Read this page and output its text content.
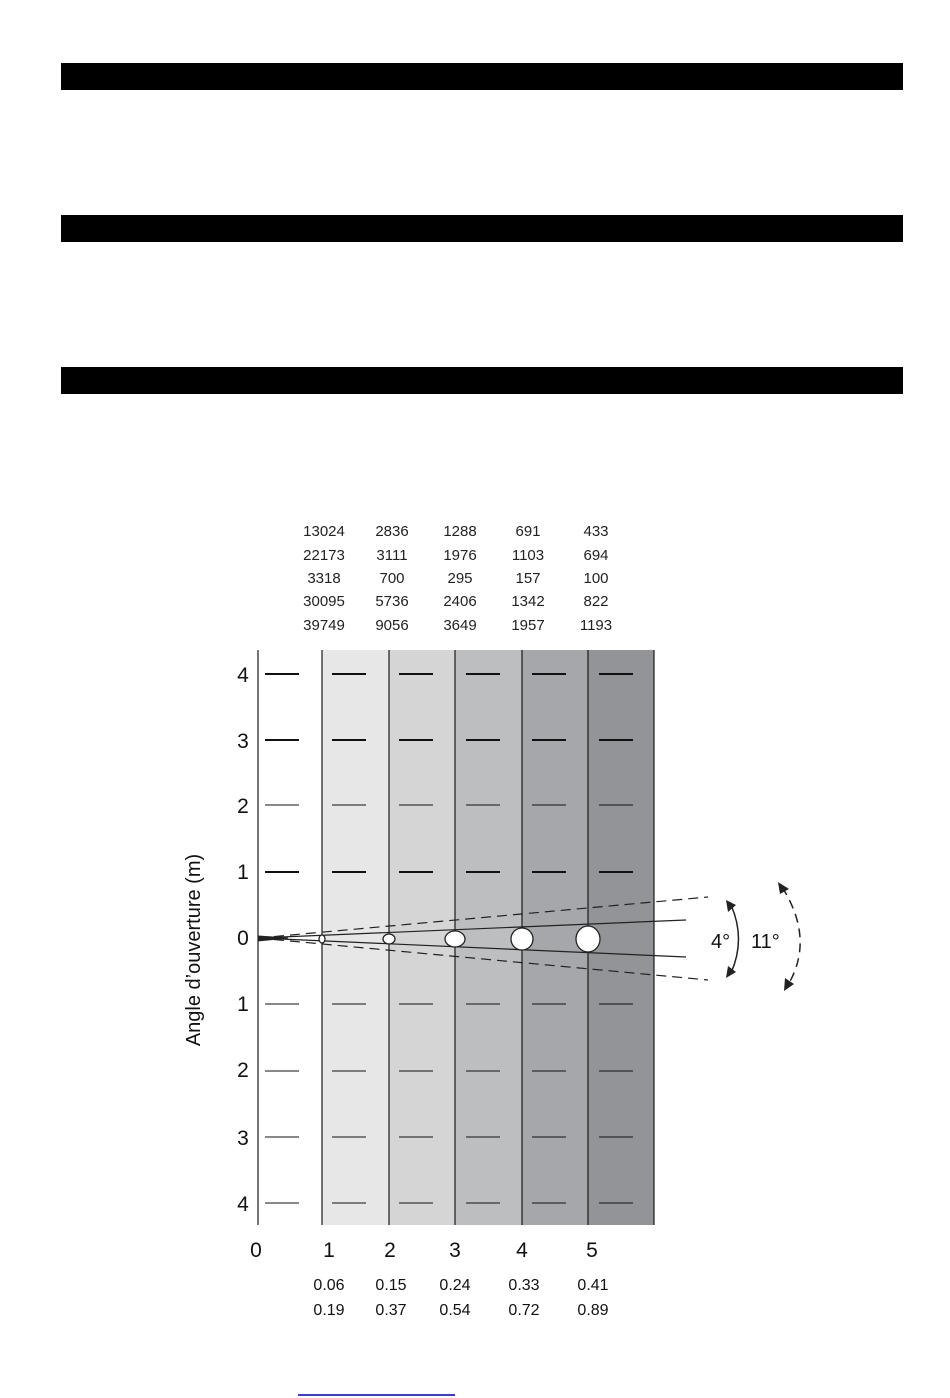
13024	2836	1288	691	433
22173	3111	1976	1103	694
3318	700	295	157	100
30095	5736	2406	1342	822
39749	9056	3649	1957	1193
4
3
2
1
0
1
2
3
4
Angle d’ouverture (m)	4° 11°
0	1 2	3	4	5
0.06 0.15 0.24 0.33 0.41
0.19 0.37 0.54 0.72 0.89
